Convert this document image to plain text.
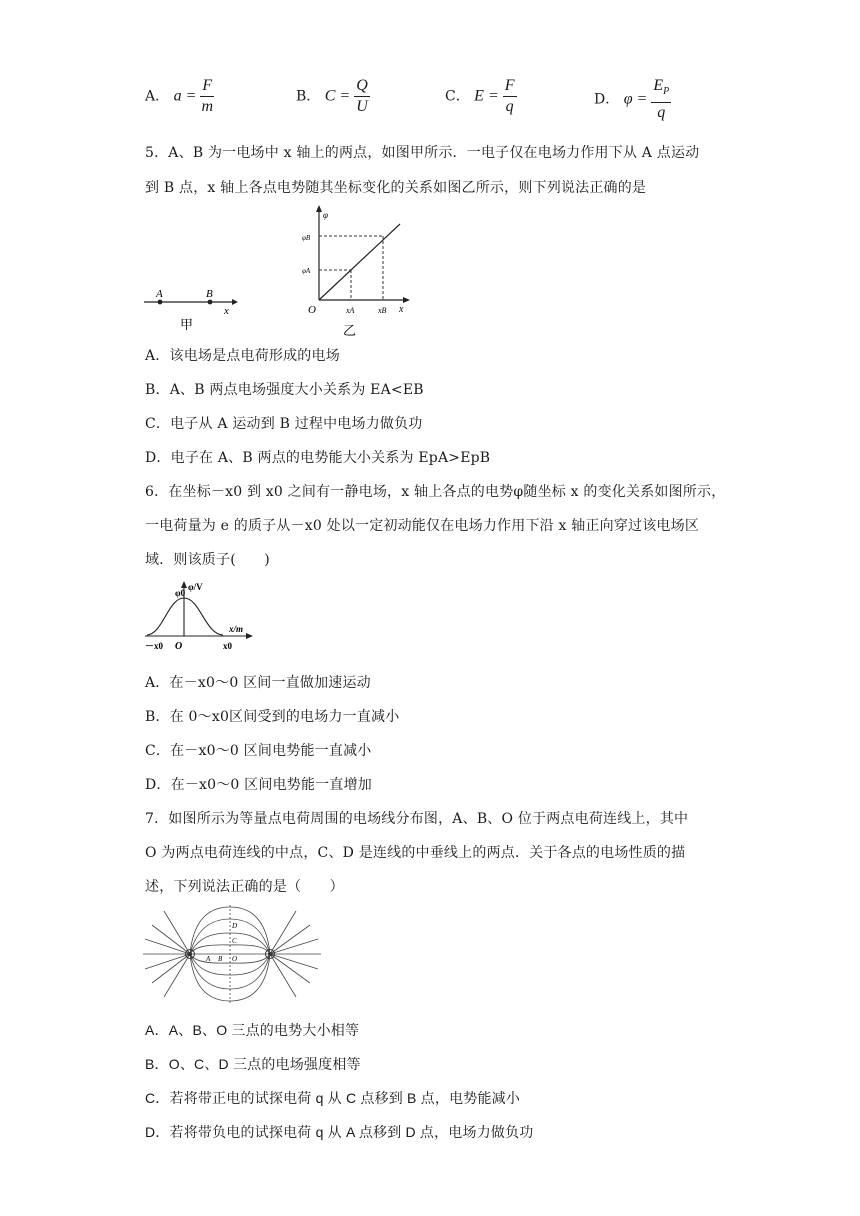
A． $a = \frac{F}{m}$	B． $C = \frac{Q}{U}$	C． $E = \frac{F}{q}$	D． $\varphi = \frac{E_P}{q}$
5．A、B 为一电场中 x 轴上的两点，如图甲所示．一电子仅在电场力作用下从 A 点运动
到 B 点，x 轴上各点电势随其坐标变化的关系如图乙所示，则下列说法正确的是
A	B
x
甲
φ
φB
φA
O	xA	xB x
乙
A．该电场是点电荷形成的电场
B．A、B 两点电场强度大小关系为 EA<EB
C．电子从 A 运动到 B 过程中电场力做负功
D．电子在 A、B 两点的电势能大小关系为 EpA>EpB
6．在坐标－x0 到 x0 之间有一静电场，x 轴上各点的电势φ随坐标 x 的变化关系如图所示，
一电荷量为 e 的质子从－x0 处以一定初动能仅在电场力作用下沿 x 轴正向穿过该电场区
域．则该质子(　　)
φ0
φ/V
x/m
－x0 O	x0
A．在－x0～0 区间一直做加速运动
B．在 0～x0区间受到的电场力一直减小
C．在－x0～0 区间电势能一直减小
D．在－x0～0 区间电势能一直增加
7．如图所示为等量点电荷周围的电场线分布图，A、B、O 位于两点电荷连线上，其中
O 为两点电荷连线的中点，C、D 是连线的中垂线上的两点．关于各点的电场性质的描
述，下列说法正确的是（　　）
D
C
A B O
A．A、B、O 三点的电势大小相等
B．O、C、D 三点的电场强度相等
C．若将带正电的试探电荷 q 从 C 点移到 B 点，电势能减小
D．若将带负电的试探电荷 q 从 A 点移到 D 点，电场力做负功
